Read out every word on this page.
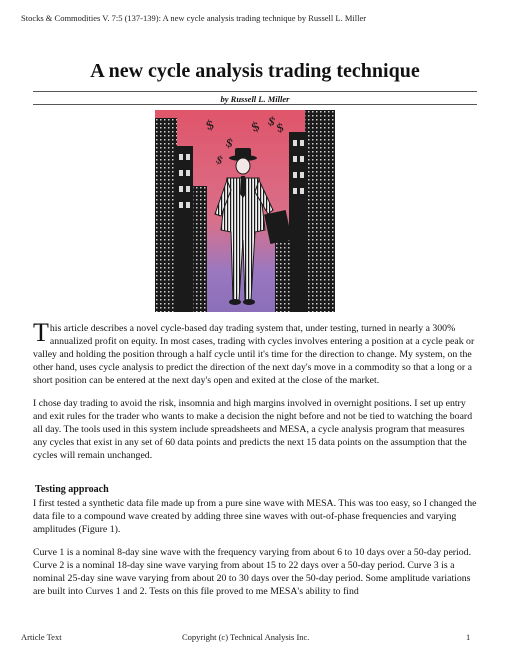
Stocks & Commodities V. 7:5 (137-139): A new cycle analysis trading technique by Russell L. Miller
A new cycle analysis trading technique
by Russell L. Miller
$
$
$ $
$
$

This article describes a novel cycle-based day trading system that, under testing, turned in nearly a 300% annualized profit on equity. In most cases, trading with cycles involves entering a position at a cycle peak or valley and holding the position through a half cycle until it's time for the direction to change. My system, on the other hand, uses cycle analysis to predict the direction of the next day's move in a commodity so that a long or a short position can be entered at the next day's open and exited at the close of the market.

I chose day trading to avoid the risk, insomnia and high margins involved in overnight positions. I set up entry and exit rules for the trader who wants to make a decision the night before and not be tied to watching the board all day. The tools used in this system include spreadsheets and MESA, a cycle analysis program that measures any cycles that exist in any set of 60 data points and predicts the next 15 data points on the assumption that the cycles will remain unchanged.

Testing approach

I first tested a synthetic data file made up from a pure sine wave with MESA. This was too easy, so I changed the data file to a compound wave created by adding three sine waves with out-of-phase frequencies and varying amplitudes (Figure 1).

Curve 1 is a nominal 8-day sine wave with the frequency varying from about 6 to 10 days over a 50-day period. Curve 2 is a nominal 18-day sine wave varying from about 15 to 22 days over a 50-day period. Curve 3 is a nominal 25-day sine wave varying from about 20 to 30 days over the 50-day period. Some amplitude variations are built into Curves 1 and 2. Tests on this file proved to me MESA's ability to find

Article Text	Copyright (c) Technical Analysis Inc.	1
